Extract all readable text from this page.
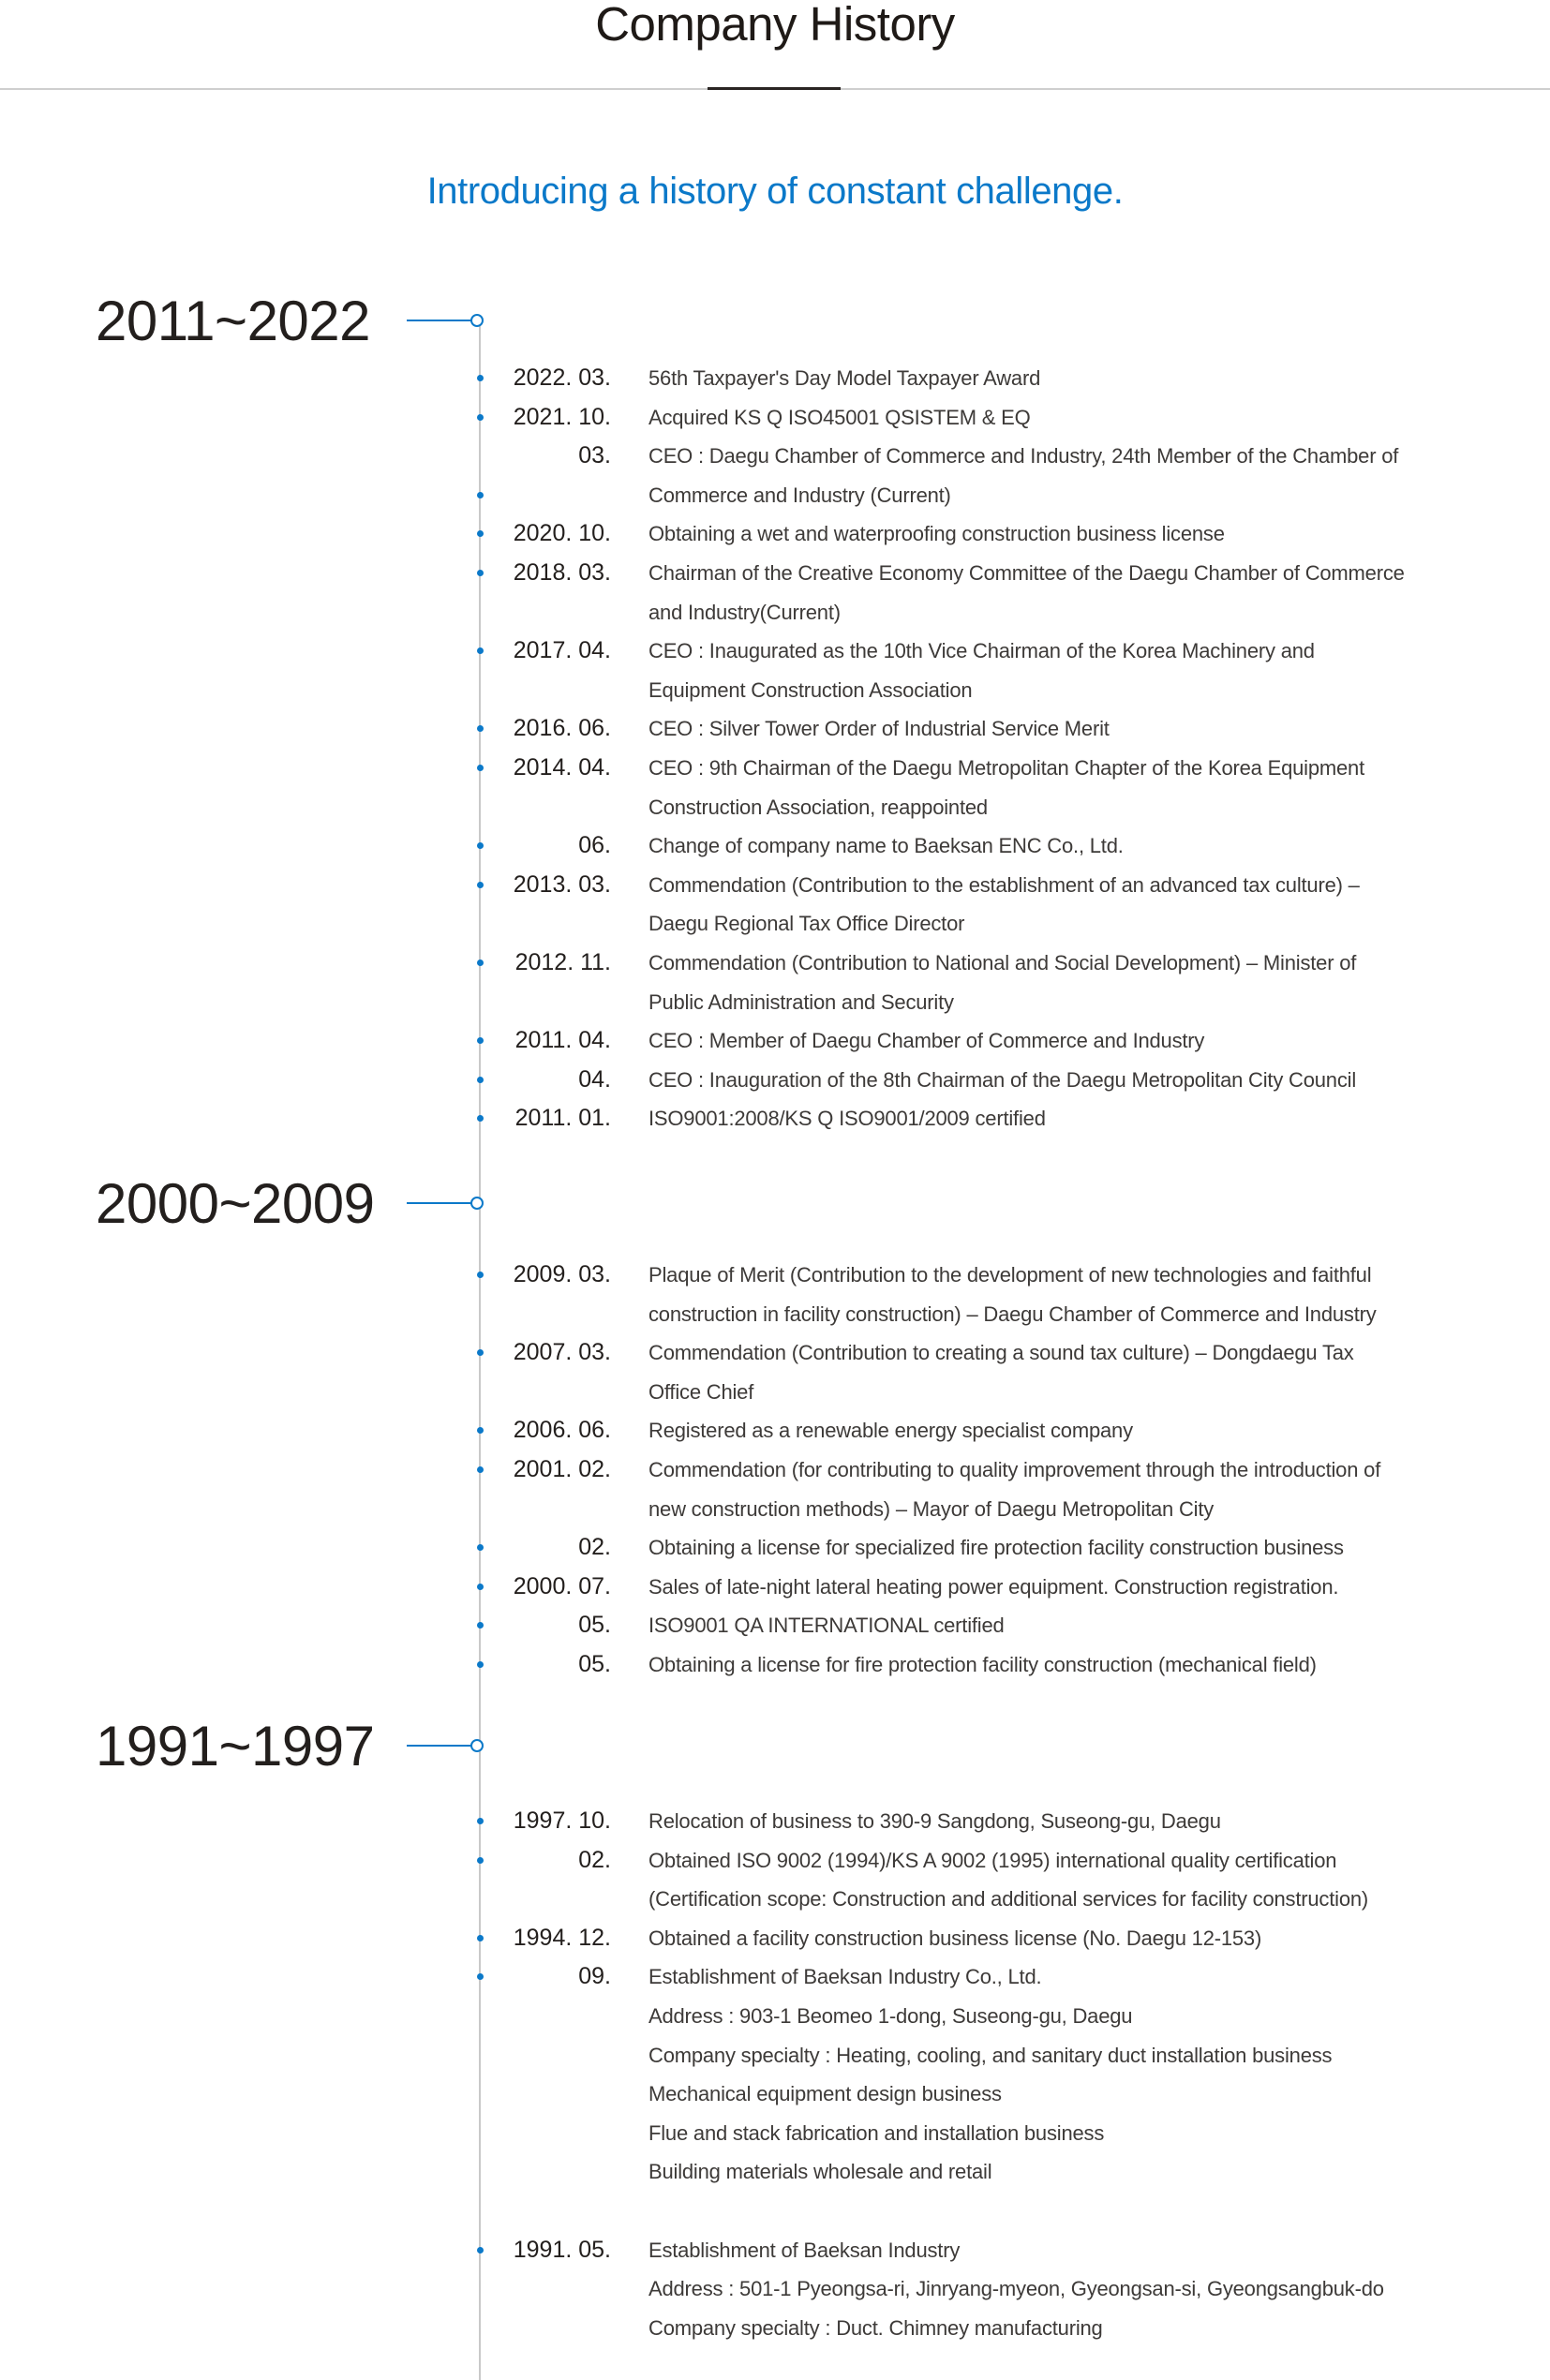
Company History
Introducing a history of constant challenge.
2011~2022
2022. 03. 56th Taxpayer's Day Model Taxpayer Award
2021. 10. Acquired KS Q ISO45001 QSISTEM & EQ
03. CEO : Daegu Chamber of Commerce and Industry, 24th Member of the Chamber of
Commerce and Industry (Current)
2020. 10. Obtaining a wet and waterproofing construction business license
2018. 03. Chairman of the Creative Economy Committee of the Daegu Chamber of Commerce
and Industry(Current)
2017. 04. CEO : Inaugurated as the 10th Vice Chairman of the Korea Machinery and
Equipment Construction Association
2016. 06. CEO : Silver Tower Order of Industrial Service Merit
2014. 04. CEO : 9th Chairman of the Daegu Metropolitan Chapter of the Korea Equipment
Construction Association, reappointed
06. Change of company name to Baeksan ENC Co., Ltd.
2013. 03. Commendation (Contribution to the establishment of an advanced tax culture) –
Daegu Regional Tax Office Director
2012. 11. Commendation (Contribution to National and Social Development) – Minister of
Public Administration and Security
2011. 04. CEO : Member of Daegu Chamber of Commerce and Industry
04. CEO : Inauguration of the 8th Chairman of the Daegu Metropolitan City Council
2011. 01. ISO9001:2008/KS Q ISO9001/2009 certified
2000~2009
2009. 03. Plaque of Merit (Contribution to the development of new technologies and faithful
construction in facility construction) – Daegu Chamber of Commerce and Industry
2007. 03. Commendation (Contribution to creating a sound tax culture) – Dongdaegu Tax
Office Chief
2006. 06. Registered as a renewable energy specialist company
2001. 02. Commendation (for contributing to quality improvement through the introduction of
new construction methods) – Mayor of Daegu Metropolitan City
02. Obtaining a license for specialized fire protection facility construction business
2000. 07. Sales of late-night lateral heating power equipment. Construction registration.
05. ISO9001 QA INTERNATIONAL certified
05. Obtaining a license for fire protection facility construction (mechanical field)
1991~1997
1997. 10. Relocation of business to 390-9 Sangdong, Suseong-gu, Daegu
02. Obtained ISO 9002 (1994)/KS A 9002 (1995) international quality certification
(Certification scope: Construction and additional services for facility construction)
1994. 12. Obtained a facility construction business license (No. Daegu 12-153)
09. Establishment of Baeksan Industry Co., Ltd.
Address : 903-1 Beomeo 1-dong, Suseong-gu, Daegu
Company specialty : Heating, cooling, and sanitary duct installation business
Mechanical equipment design business
Flue and stack fabrication and installation business
Building materials wholesale and retail
1991. 05. Establishment of Baeksan Industry
Address : 501-1 Pyeongsa-ri, Jinryang-myeon, Gyeongsan-si, Gyeongsangbuk-do
Company specialty : Duct. Chimney manufacturing
